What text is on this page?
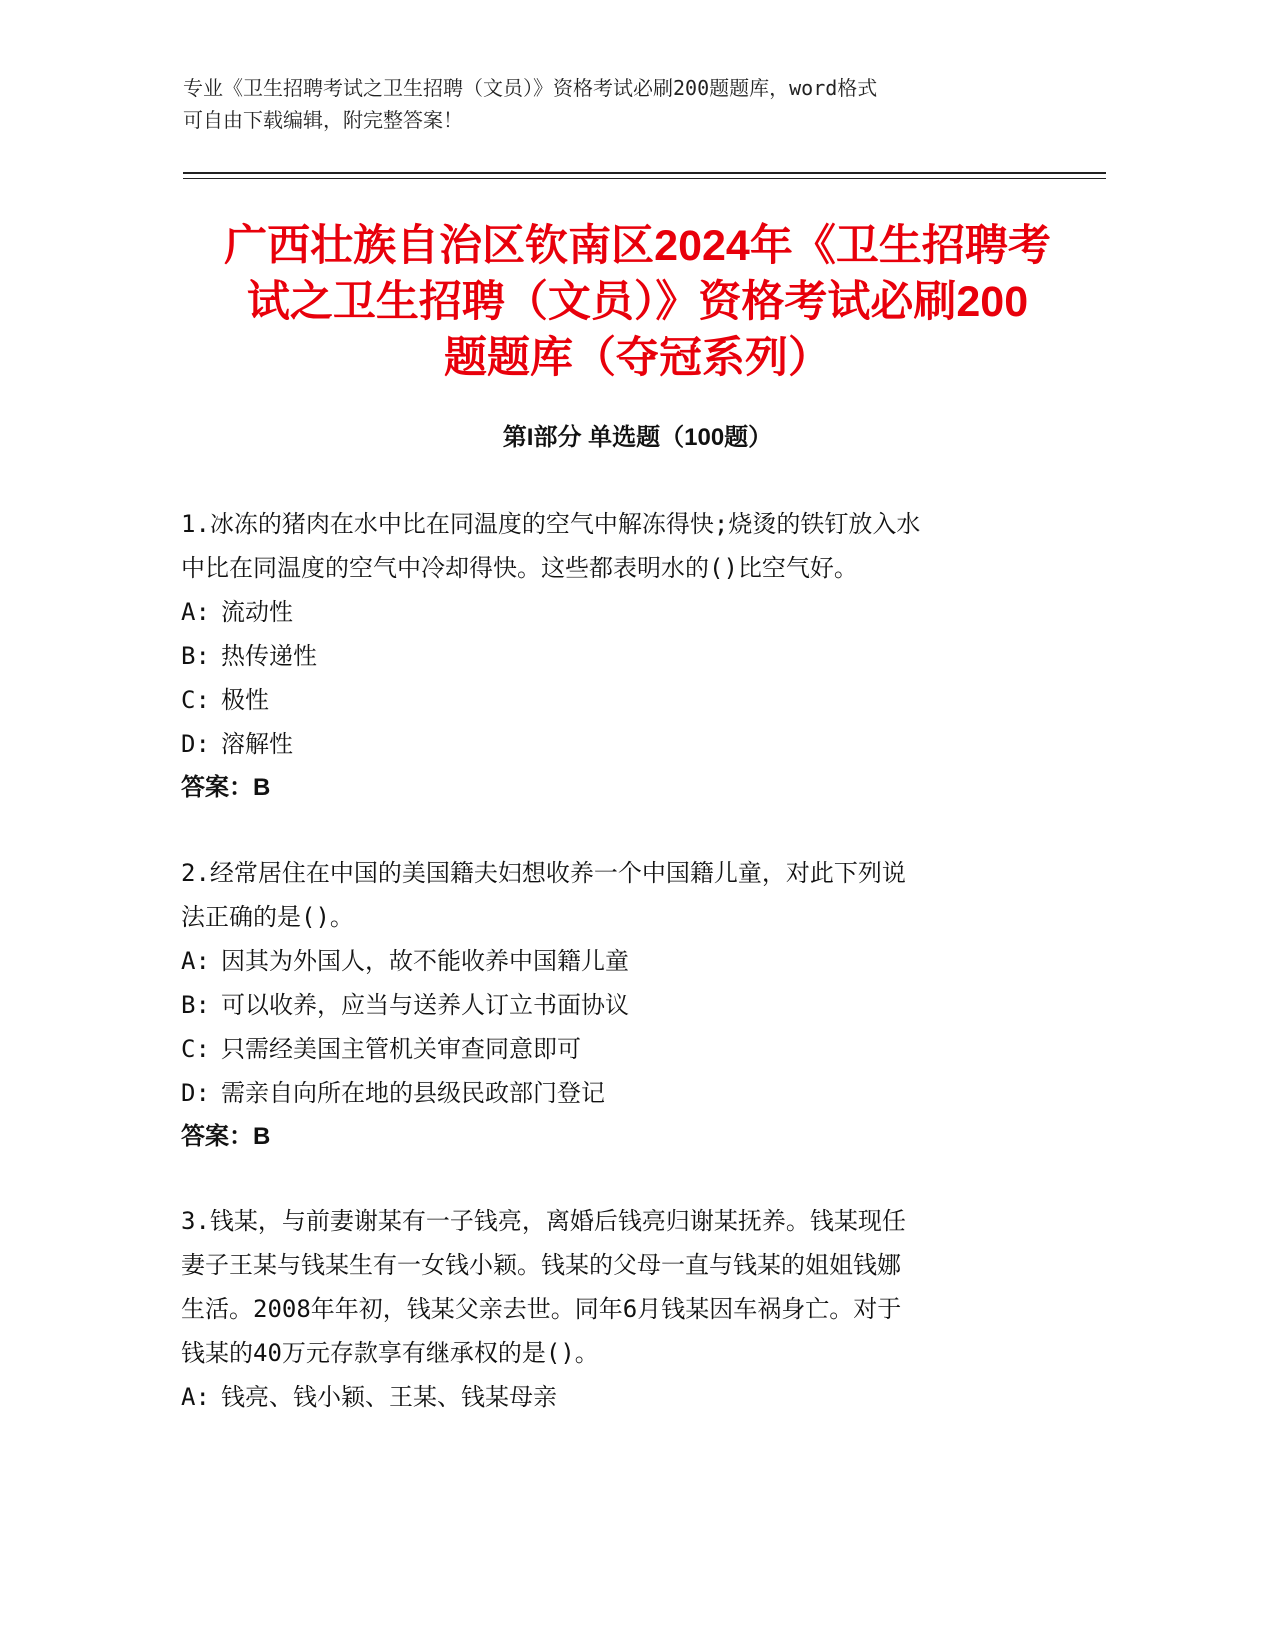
专业《卫生招聘考试之卫生招聘（文员）》资格考试必刷200题题库，word格式
可自由下载编辑，附完整答案！
广西壮族自治区钦南区2024年《卫生招聘考
试之卫生招聘（文员）》资格考试必刷200
题题库（夺冠系列）
第I部分 单选题（100题）
1.冰冻的猪肉在水中比在同温度的空气中解冻得快;烧烫的铁钉放入水
中比在同温度的空气中冷却得快。这些都表明水的()比空气好。
A: 流动性
B: 热传递性
C: 极性
D: 溶解性
答案：B
2.经常居住在中国的美国籍夫妇想收养一个中国籍儿童，对此下列说
法正确的是()。
A: 因其为外国人，故不能收养中国籍儿童
B: 可以收养，应当与送养人订立书面协议
C: 只需经美国主管机关审查同意即可
D: 需亲自向所在地的县级民政部门登记
答案：B
3.钱某，与前妻谢某有一子钱亮，离婚后钱亮归谢某抚养。钱某现任
妻子王某与钱某生有一女钱小颖。钱某的父母一直与钱某的姐姐钱娜
生活。2008年年初，钱某父亲去世。同年6月钱某因车祸身亡。对于
钱某的40万元存款享有继承权的是()。
A: 钱亮、钱小颖、王某、钱某母亲
